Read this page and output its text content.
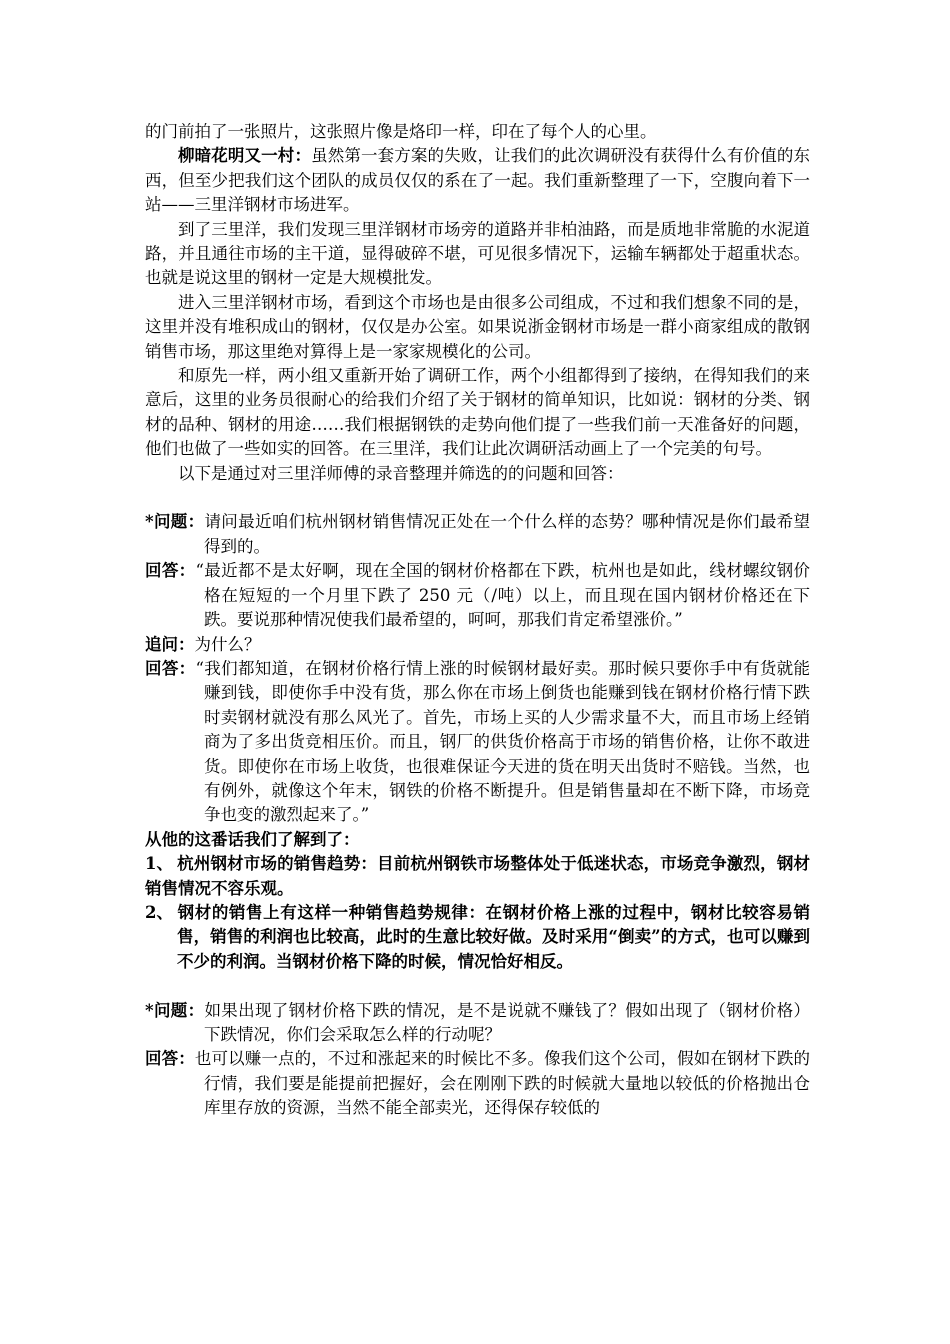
的门前拍了一张照片，这张照片像是烙印一样，印在了每个人的心里。

柳暗花明又一村：虽然第一套方案的失败，让我们的此次调研没有获得什么有价值的东西，但至少把我们这个团队的成员仅仅的系在了一起。我们重新整理了一下，空腹向着下一站——三里洋钢材市场进军。

到了三里洋，我们发现三里洋钢材市场旁的道路并非柏油路，而是质地非常脆的水泥道路，并且通往市场的主干道，显得破碎不堪，可见很多情况下，运输车辆都处于超重状态。也就是说这里的钢材一定是大规模批发。

进入三里洋钢材市场，看到这个市场也是由很多公司组成，不过和我们想象不同的是，这里并没有堆积成山的钢材，仅仅是办公室。如果说浙金钢材市场是一群小商家组成的散钢销售市场，那这里绝对算得上是一家家规模化的公司。

和原先一样，两小组又重新开始了调研工作，两个小组都得到了接纳，在得知我们的来意后，这里的业务员很耐心的给我们介绍了关于钢材的简单知识，比如说：钢材的分类、钢材的品种、钢材的用途……我们根据钢铁的走势向他们提了一些我们前一天准备好的问题，他们也做了一些如实的回答。在三里洋，我们让此次调研活动画上了一个完美的句号。

以下是通过对三里洋师傅的录音整理并筛选的的问题和回答：

*问题：请问最近咱们杭州钢材销售情况正处在一个什么样的态势？哪种情况是你们最希望得到的。

回答：“最近都不是太好啊，现在全国的钢材价格都在下跌，杭州也是如此，线材螺纹钢价格在短短的一个月里下跌了 250 元（/吨）以上，而且现在国内钢材价格还在下跌。要说那种情况使我们最希望的，呵呵，那我们肯定希望涨价。”

追问：为什么？

回答：“我们都知道，在钢材价格行情上涨的时候钢材最好卖。那时候只要你手中有货就能赚到钱，即使你手中没有货，那么你在市场上倒货也能赚到钱在钢材价格行情下跌时卖钢材就没有那么风光了。首先，市场上买的人少需求量不大，而且市场上经销商为了多出货竞相压价。而且，钢厂的供货价格高于市场的销售价格，让你不敢进货。即使你在市场上收货，也很难保证今天进的货在明天出货时不赔钱。当然，也有例外，就像这个年末，钢铁的价格不断提升。但是销售量却在不断下降，市场竞争也变的激烈起来了。”

从他的这番话我们了解到了：

1、 杭州钢材市场的销售趋势：目前杭州钢铁市场整体处于低迷状态，市场竞争激烈，钢材销售情况不容乐观。

2、 钢材的销售上有这样一种销售趋势规律：在钢材价格上涨的过程中，钢材比较容易销售，销售的利润也比较高，此时的生意比较好做。及时采用“倒卖”的方式，也可以赚到不少的利润。当钢材价格下降的时候，情况恰好相反。

*问题：如果出现了钢材价格下跌的情况，是不是说就不赚钱了？假如出现了（钢材价格）下跌情况，你们会采取怎么样的行动呢？

回答：也可以赚一点的，不过和涨起来的时候比不多。像我们这个公司，假如在钢材下跌的行情，我们要是能提前把握好，会在刚刚下跌的时候就大量地以较低的价格抛出仓库里存放的资源，当然不能全部卖光，还得保存较低的
